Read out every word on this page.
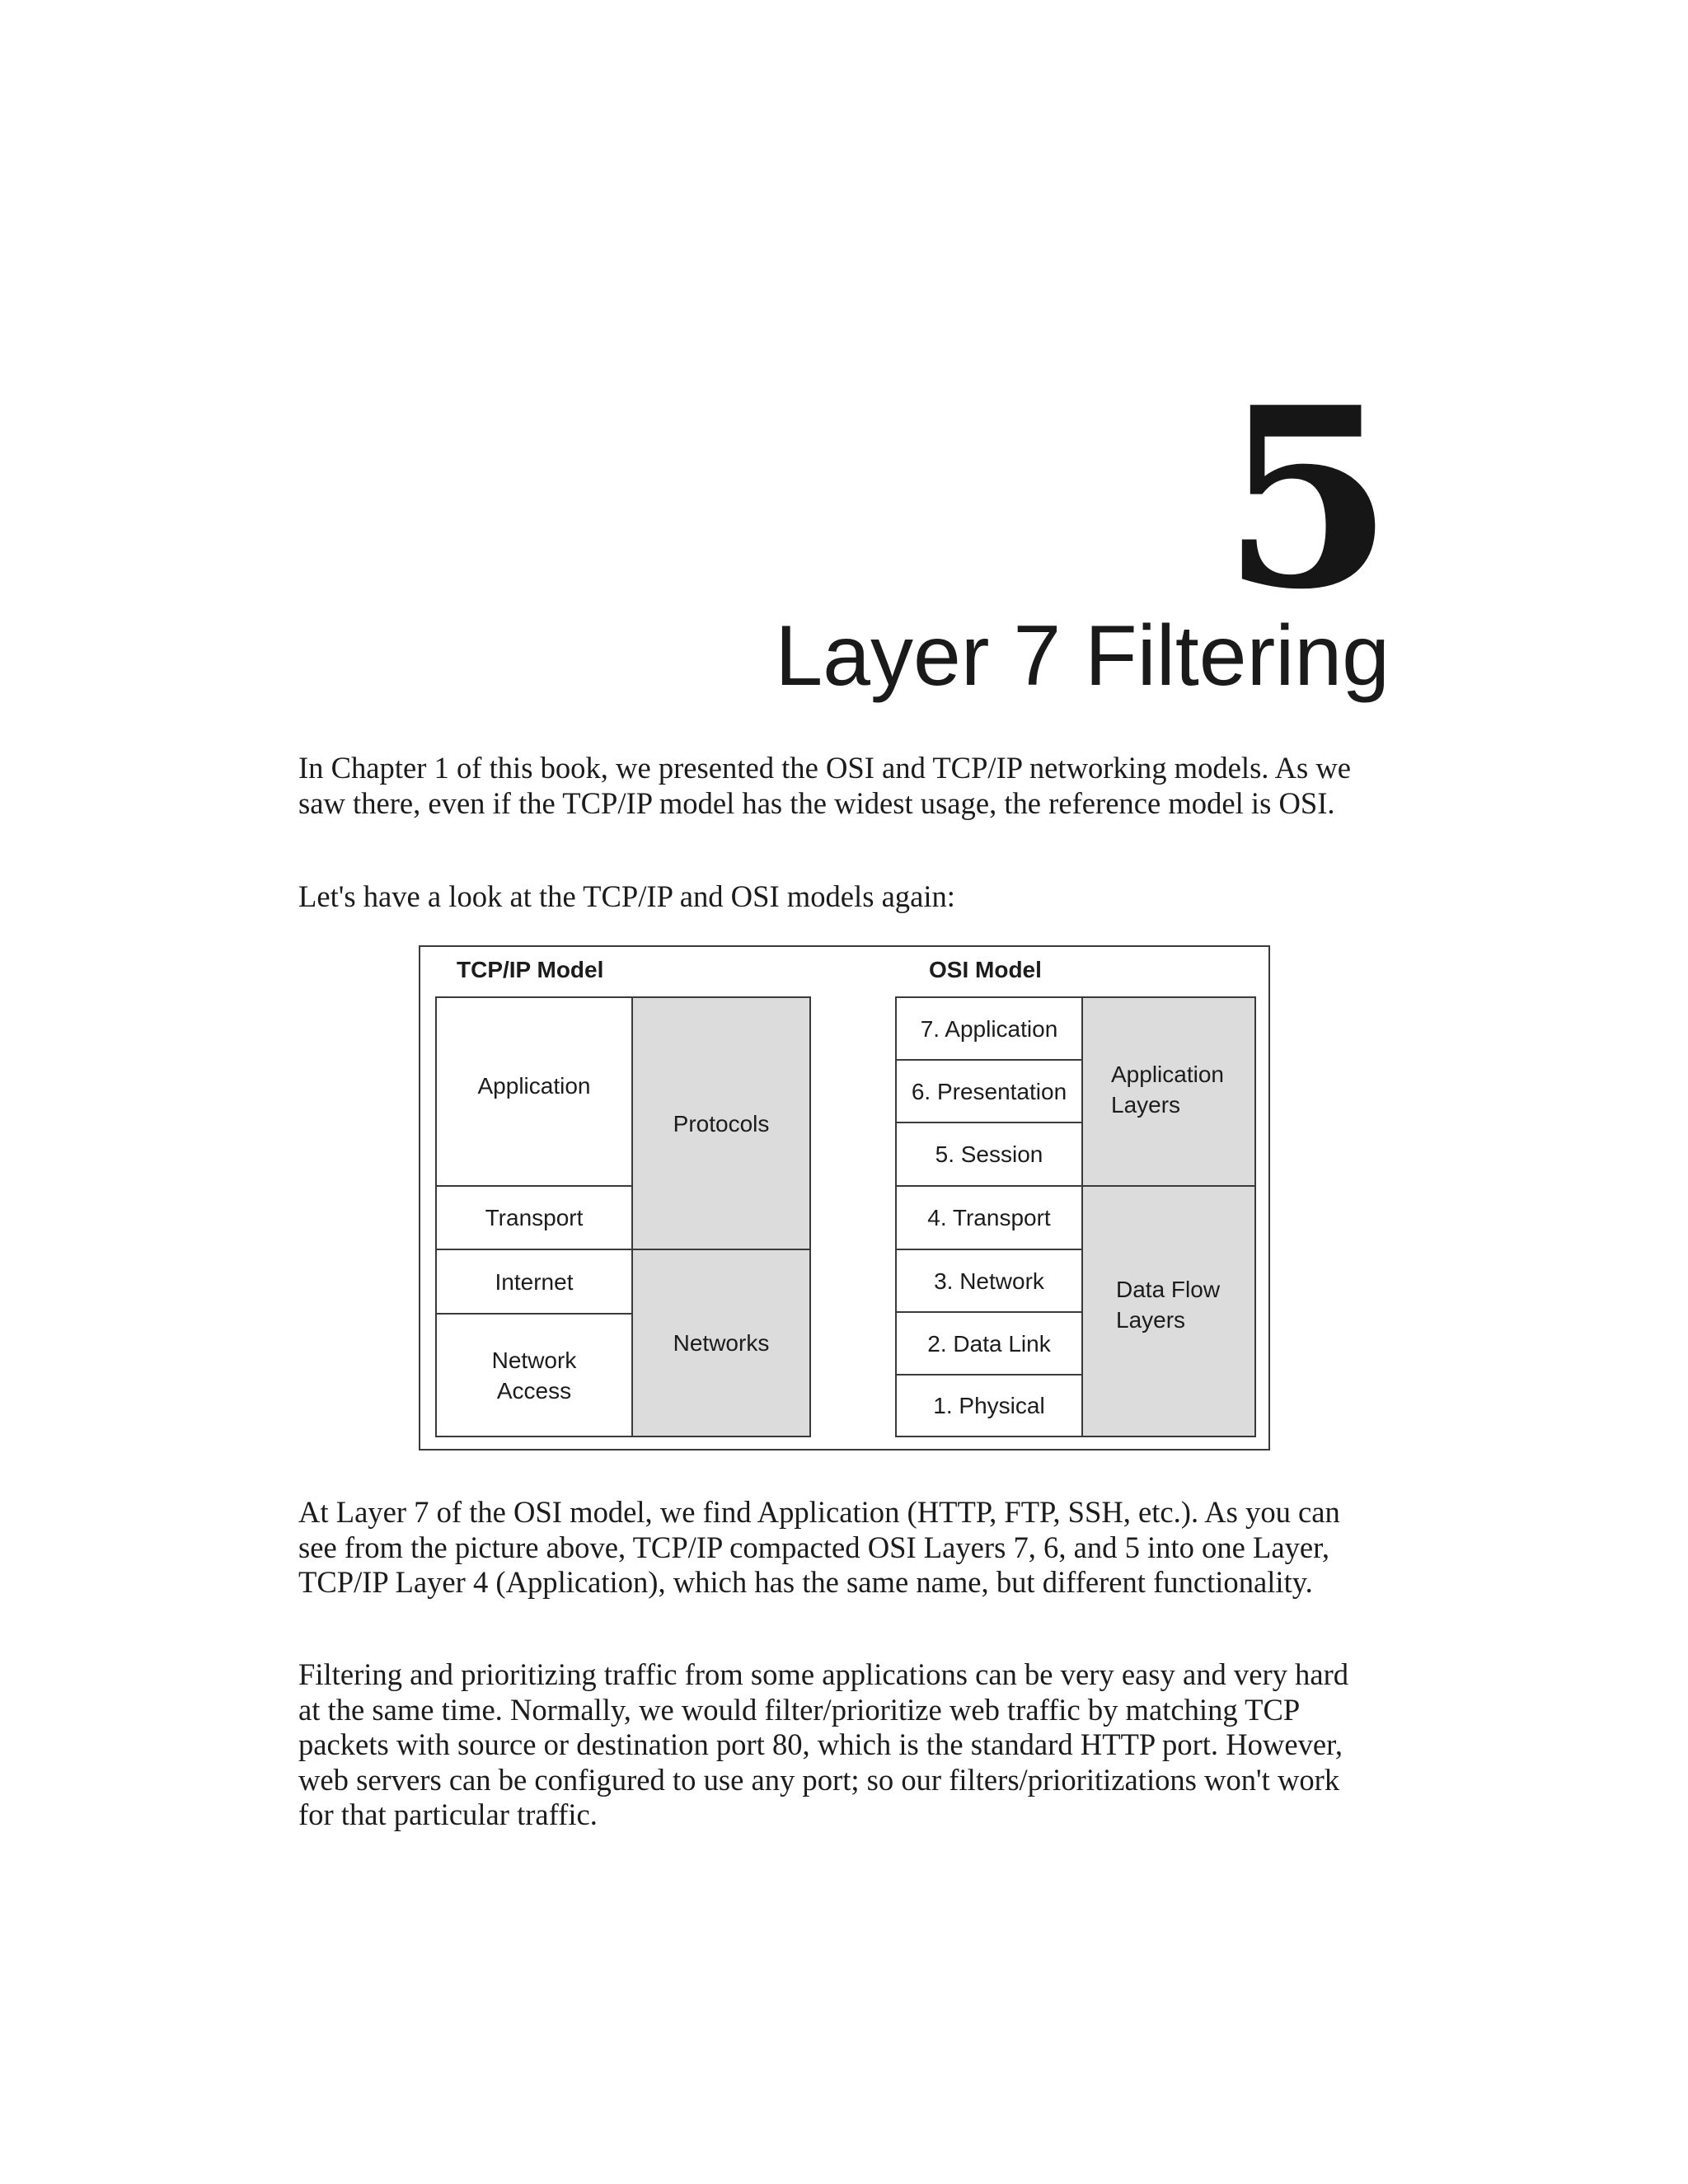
5
Layer 7 Filtering

In Chapter 1 of this book, we presented the OSI and TCP/IP networking models. As we saw there, even if the TCP/IP model has the widest usage, the reference model is OSI.

Let's have a look at the TCP/IP and OSI models again:

TCP/IP Model	OSI Model
Application
Transport
Internet
Network
Access
Protocols
Networks
7. Application
6. Presentation
5. Session
4. Transport
3. Network
2. Data Link
1. Physical
Application
Layers
Data Flow
Layers

At Layer 7 of the OSI model, we find Application (HTTP, FTP, SSH, etc.). As you can see from the picture above, TCP/IP compacted OSI Layers 7, 6, and 5 into one Layer, TCP/IP Layer 4 (Application), which has the same name, but different functionality.

Filtering and prioritizing traffic from some applications can be very easy and very hard at the same time. Normally, we would filter/prioritize web traffic by matching TCP packets with source or destination port 80, which is the standard HTTP port. However, web servers can be configured to use any port; so our filters/prioritizations won't work for that particular traffic.
